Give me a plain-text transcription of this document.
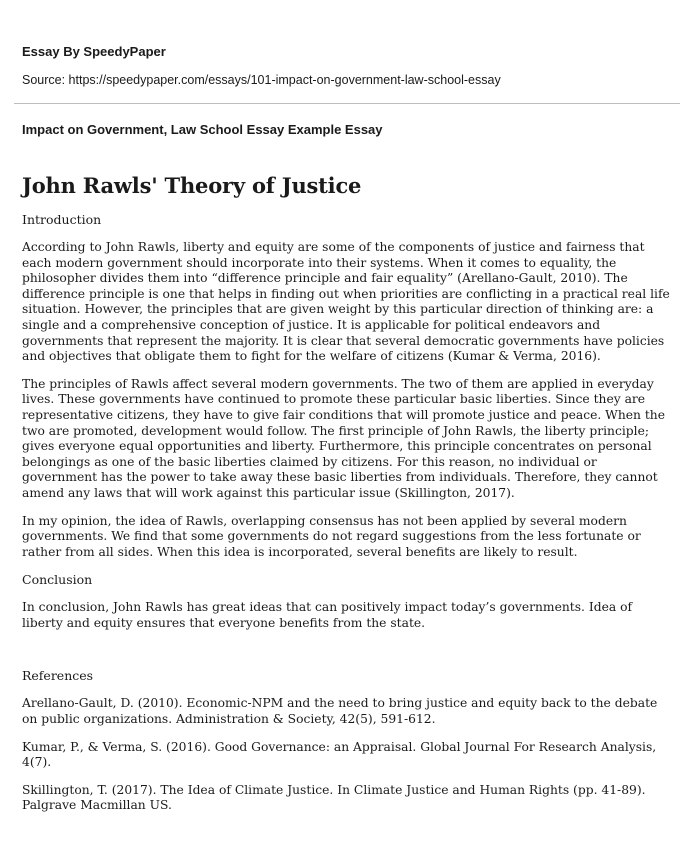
Essay By SpeedyPaper
Source: https://speedypaper.com/essays/101-impact-on-government-law-school-essay
Impact on Government, Law School Essay Example Essay
John Rawls' Theory of Justice
Introduction

According to John Rawls, liberty and equity are some of the components of justice and fairness that each modern government should incorporate into their systems. When it comes to equality, the philosopher divides them into “difference principle and fair equality” (Arellano-Gault, 2010). The difference principle is one that helps in finding out when priorities are conflicting in a practical real life situation. However, the principles that are given weight by this particular direction of thinking are: a single and a comprehensive conception of justice. It is applicable for political endeavors and governments that represent the majority. It is clear that several democratic governments have policies and objectives that obligate them to fight for the welfare of citizens (Kumar & Verma, 2016).

The principles of Rawls affect several modern governments. The two of them are applied in everyday lives. These governments have continued to promote these particular basic liberties. Since they are representative citizens, they have to give fair conditions that will promote justice and peace. When the two are promoted, development would follow. The first principle of John Rawls, the liberty principle; gives everyone equal opportunities and liberty. Furthermore, this principle concentrates on personal belongings as one of the basic liberties claimed by citizens. For this reason, no individual or government has the power to take away these basic liberties from individuals. Therefore, they cannot amend any laws that will work against this particular issue (Skillington, 2017).

In my opinion, the idea of Rawls, overlapping consensus has not been applied by several modern governments. We find that some governments do not regard suggestions from the less fortunate or rather from all sides. When this idea is incorporated, several benefits are likely to result.

Conclusion

In conclusion, John Rawls has great ideas that can positively impact today’s governments. Idea of liberty and equity ensures that everyone benefits from the state.

References

Arellano-Gault, D. (2010). Economic-NPM and the need to bring justice and equity back to the debate on public organizations. Administration & Society, 42(5), 591-612.

Kumar, P., & Verma, S. (2016). Good Governance: an Appraisal. Global Journal For Research Analysis, 4(7).

Skillington, T. (2017). The Idea of Climate Justice. In Climate Justice and Human Rights (pp. 41-89). Palgrave Macmillan US.
